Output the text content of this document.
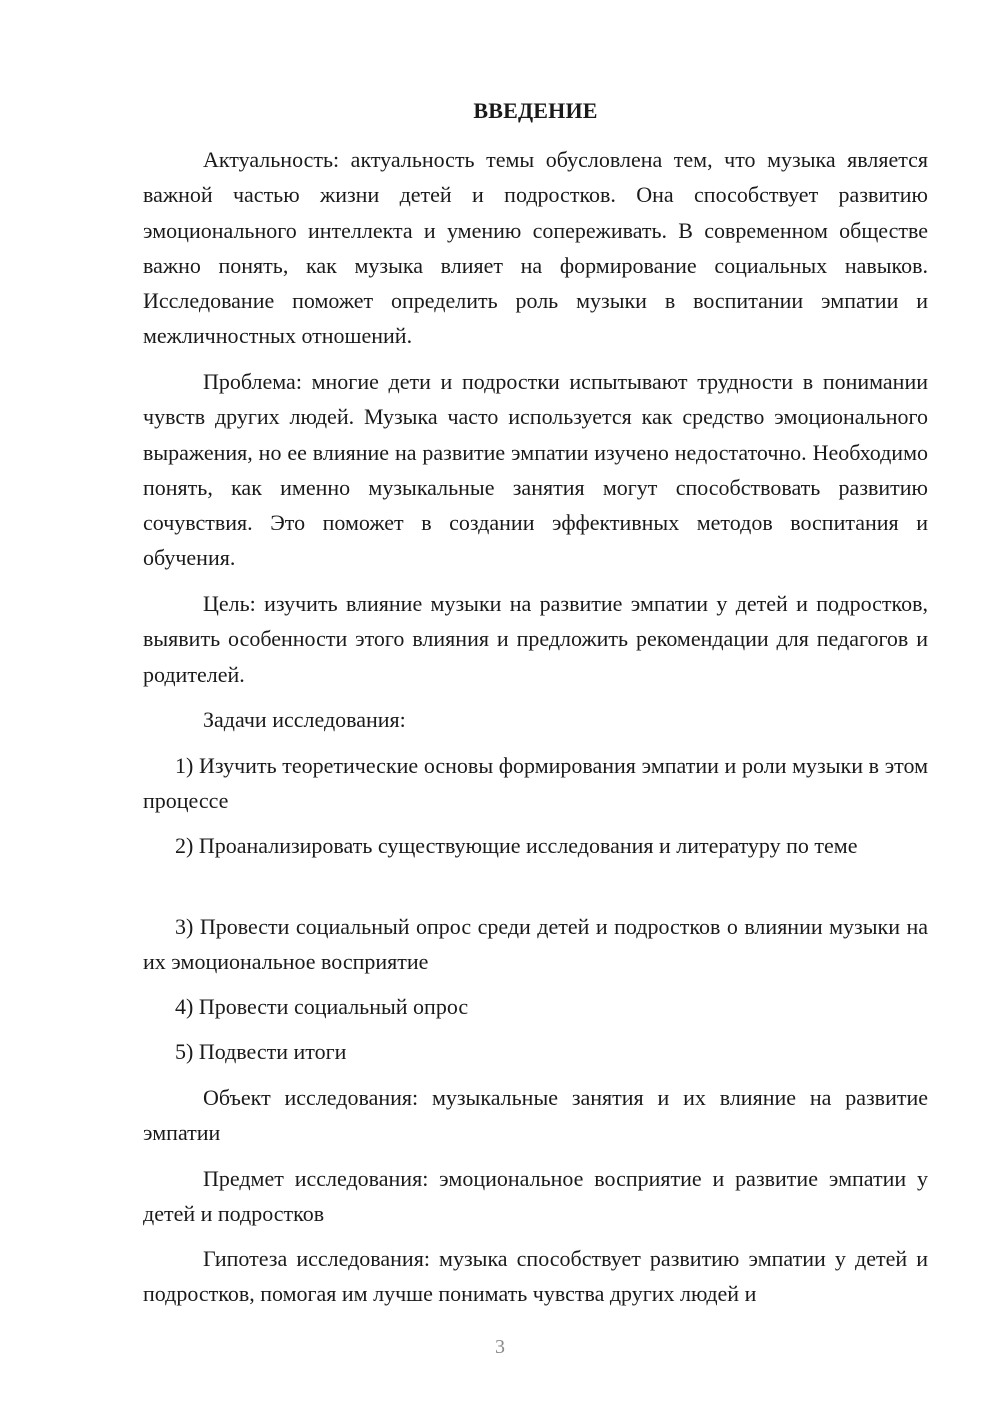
ВВЕДЕНИЕ

Актуальность: актуальность темы обусловлена тем, что музыка является важной частью жизни детей и подростков. Она способствует развитию эмоционального интеллекта и умению сопереживать. В современном обществе важно понять, как музыка влияет на формирование социальных навыков. Исследование поможет определить роль музыки в воспитании эмпатии и межличностных отношений.

Проблема: многие дети и подростки испытывают трудности в понимании чувств других людей. Музыка часто используется как средство эмоционального выражения, но ее влияние на развитие эмпатии изучено недостаточно. Необходимо понять, как именно музыкальные занятия могут способствовать развитию сочувствия. Это поможет в создании эффективных методов воспитания и обучения.

Цель: изучить влияние музыки на развитие эмпатии у детей и подростков, выявить особенности этого влияния и предложить рекомендации для педагогов и родителей.

Задачи исследования:

1) Изучить теоретические основы формирования эмпатии и роли музыки в этом процессе

2) Проанализировать существующие исследования и литературу по теме

3) Провести социальный опрос среди детей и подростков о влиянии музыки на их эмоциональное восприятие

4) Провести социальный опрос

5) Подвести итоги

Объект исследования: музыкальные занятия и их влияние на развитие эмпатии

Предмет исследования: эмоциональное восприятие и развитие эмпатии у детей и подростков

Гипотеза исследования: музыка способствует развитию эмпатии у детей и подростков, помогая им лучше понимать чувства других людей и

3
